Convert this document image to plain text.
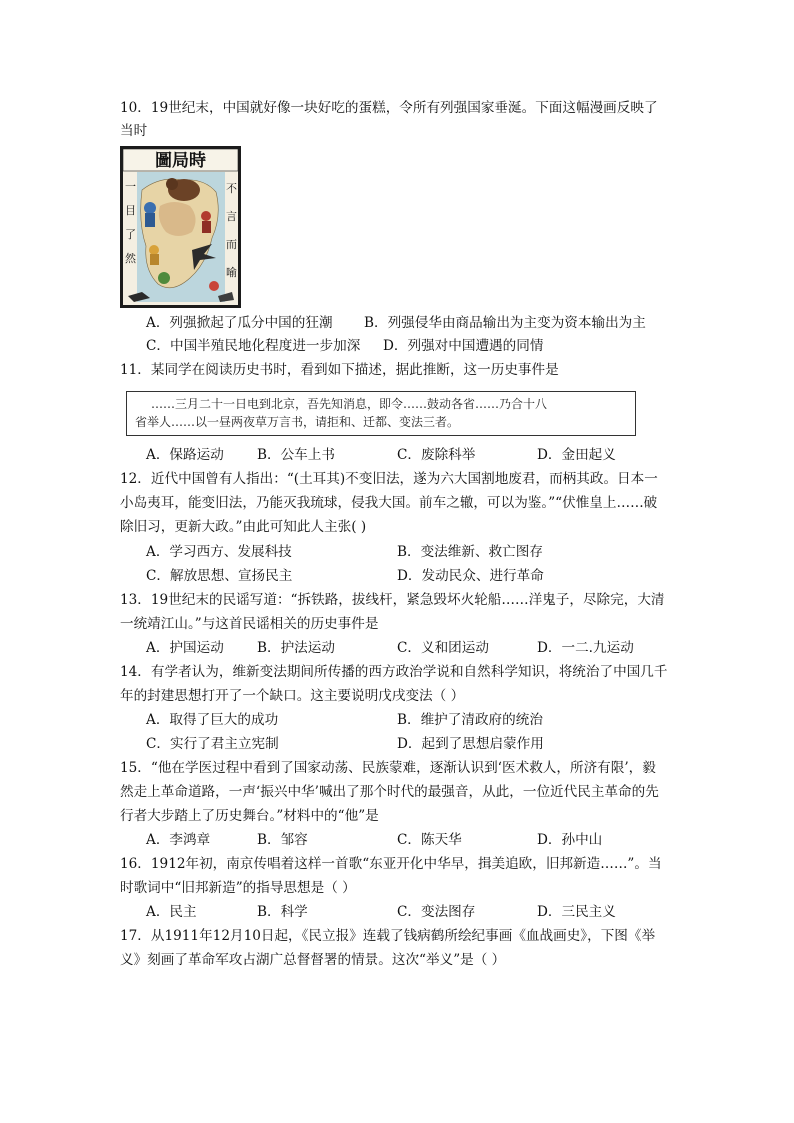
10．19世纪末，中国就好像一块好吃的蛋糕，令所有列强国家垂涎。下面这幅漫画反映了
当时
圖局時
一 目 了 然
不 言 而 喻
A．列强掀起了瓜分中国的狂潮 B．列强侵华由商品输出为主变为资本输出为主
C．中国半殖民地化程度进一步加深 D．列强对中国遭遇的同情
11．某同学在阅读历史书时，看到如下描述，据此推断，这一历史事件是
……三月二十一日电到北京，吾先知消息，即令……鼓动各省……乃合十八
省举人……以一昼两夜草万言书，请拒和、迁都、变法三者。
A．保路运动 B．公车上书	C．废除科举	D．金田起义
12．近代中国曾有人指出：“(土耳其)不变旧法，遂为六大国割地废君，而柄其政。日本一
小岛夷耳，能变旧法，乃能灭我琉球，侵我大国。前车之辙，可以为鉴。”“伏惟皇上……破
除旧习，更新大政。”由此可知此人主张( )
A．学习西方、发展科技	B．变法维新、救亡图存
C．解放思想、宣扬民主	D．发动民众、进行革命
13．19世纪末的民谣写道：“拆铁路，拔线杆，紧急毁坏火轮船……洋鬼子，尽除完，大清
一统靖江山。”与这首民谣相关的历史事件是
A．护国运动 B．护法运动	C．义和团运动	D．一二.九运动
14．有学者认为，维新变法期间所传播的西方政治学说和自然科学知识，将统治了中国几千
年的封建思想打开了一个缺口。这主要说明戊戌变法（ ）
A．取得了巨大的成功	B．维护了清政府的统治
C．实行了君主立宪制	D．起到了思想启蒙作用
15．“他在学医过程中看到了国家动荡、民族蒙难，逐渐认识到‘医术救人，所济有限’，毅
然走上革命道路，一声‘振兴中华’喊出了那个时代的最强音，从此，一位近代民主革命的先
行者大步踏上了历史舞台。”材料中的“他”是
A．李鸿章	B．邹容	C．陈天华	D．孙中山
16．1912年初，南京传唱着这样一首歌“东亚开化中华早，揖美追欧，旧邦新造……”。当
时歌词中“旧邦新造”的指导思想是（ ）
A．民主	B．科学	C．变法图存	D．三民主义
17．从1911年12月10日起，《民立报》连载了钱病鹤所绘纪事画《血战画史》，下图《举
义》刻画了革命军攻占湖广总督督署的情景。这次“举义”是（ ）
